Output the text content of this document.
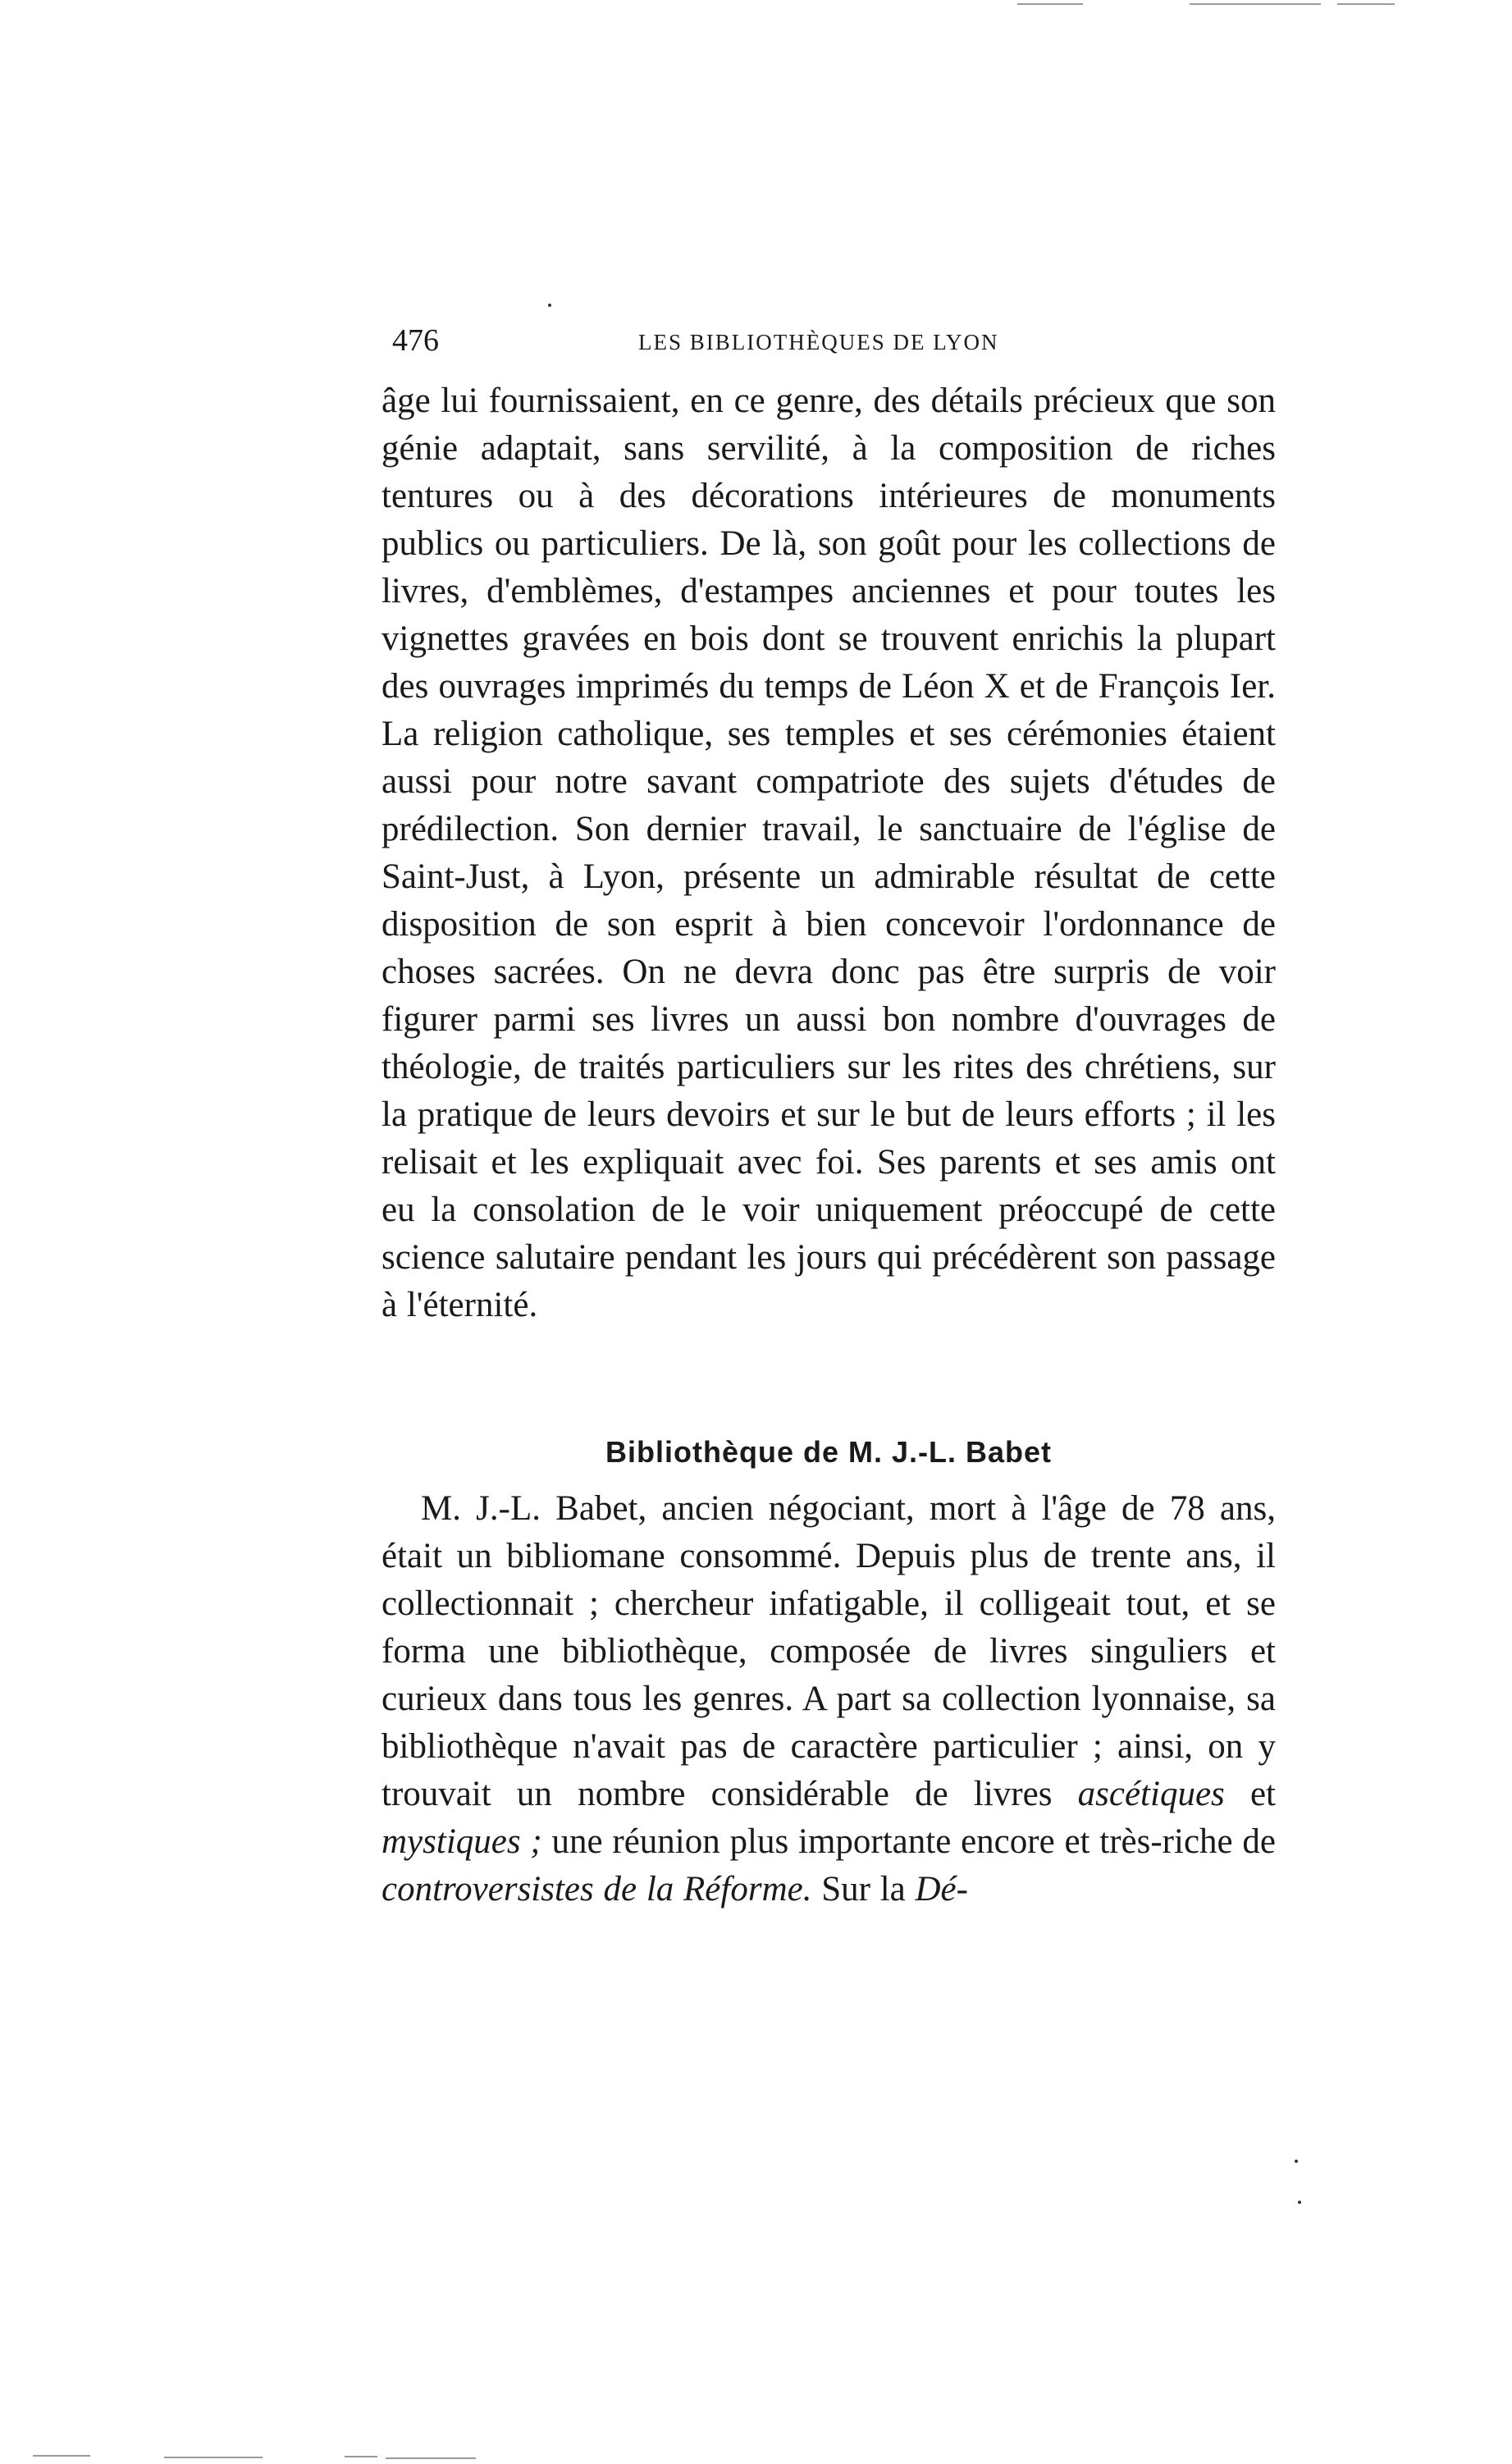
476	LES BIBLIOTHÈQUES DE LYON

âge lui fournissaient, en ce genre, des détails précieux que son génie adaptait, sans servilité, à la composition de riches tentures ou à des décorations intérieures de monuments publics ou particuliers. De là, son goût pour les collections de livres, d'emblèmes, d'estampes anciennes et pour toutes les vignettes gravées en bois dont se trouvent enrichis la plupart des ouvrages imprimés du temps de Léon X et de François Ier. La religion catholique, ses temples et ses cérémonies étaient aussi pour notre savant compatriote des sujets d'études de prédilection. Son dernier travail, le sanctuaire de l'église de Saint-Just, à Lyon, présente un admirable résultat de cette disposition de son esprit à bien concevoir l'ordonnance de choses sacrées. On ne devra donc pas être surpris de voir figurer parmi ses livres un aussi bon nombre d'ouvrages de théologie, de traités particuliers sur les rites des chrétiens, sur la pratique de leurs devoirs et sur le but de leurs efforts ; il les relisait et les expliquait avec foi. Ses parents et ses amis ont eu la consolation de le voir uniquement préoccupé de cette science salutaire pendant les jours qui précédèrent son passage à l'éternité.

Bibliothèque de M. J.-L. Babet

M. J.-L. Babet, ancien négociant, mort à l'âge de 78 ans, était un bibliomane consommé. Depuis plus de trente ans, il collectionnait ; chercheur infatigable, il colligeait tout, et se forma une bibliothèque, composée de livres singuliers et curieux dans tous les genres. A part sa collection lyonnaise, sa bibliothèque n'avait pas de caractère particulier ; ainsi, on y trouvait un nombre considérable de livres ascétiques et mystiques ; une réunion plus importante encore et très-riche de controversistes de la Réforme. Sur la Dé-
